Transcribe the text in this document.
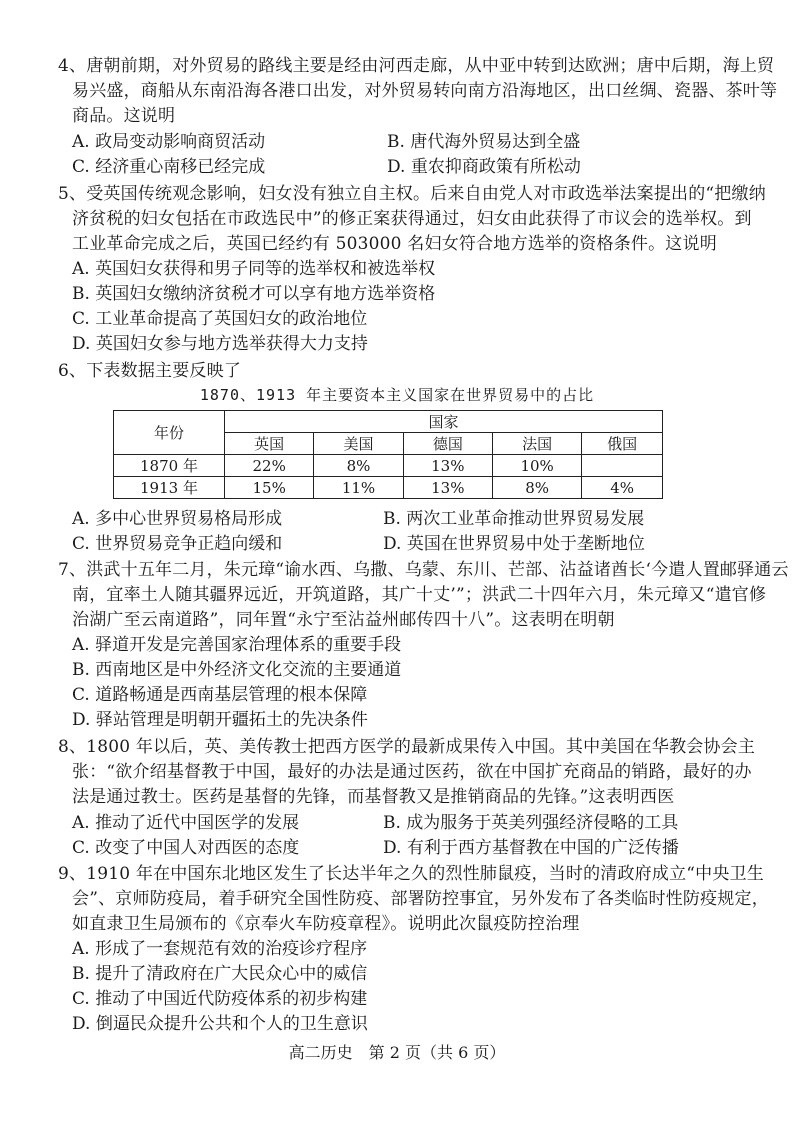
4、唐朝前期，对外贸易的路线主要是经由河西走廊，从中亚中转到达欧洲；唐中后期，海上贸
易兴盛，商船从东南沿海各港口出发，对外贸易转向南方沿海地区，出口丝绸、瓷器、茶叶等
商品。这说明
A. 政局变动影响商贸活动	B. 唐代海外贸易达到全盛
C. 经济重心南移已经完成	D. 重农抑商政策有所松动
5、受英国传统观念影响，妇女没有独立自主权。后来自由党人对市政选举法案提出的“把缴纳
济贫税的妇女包括在市政选民中”的修正案获得通过，妇女由此获得了市议会的选举权。到
工业革命完成之后，英国已经约有 503000 名妇女符合地方选举的资格条件。这说明
A. 英国妇女获得和男子同等的选举权和被选举权
B. 英国妇女缴纳济贫税才可以享有地方选举资格
C. 工业革命提高了英国妇女的政治地位
D. 英国妇女参与地方选举获得大力支持
6、下表数据主要反映了
1870、1913 年主要资本主义国家在世界贸易中的占比
年份	国家				
	英国	美国	德国	法国	俄国
1870 年	22%	8%	13%	10%	
1913 年	15%	11%	13%	8%	4%
A. 多中心世界贸易格局形成	B. 两次工业革命推动世界贸易发展
C. 世界贸易竞争正趋向缓和	D. 英国在世界贸易中处于垄断地位
7、洪武十五年二月，朱元璋“谕水西、乌撒、乌蒙、东川、芒部、沾益诸酋长‘今遣人置邮驿通云
南，宜率土人随其疆界远近，开筑道路，其广十丈’”；洪武二十四年六月，朱元璋又“遣官修
治湖广至云南道路”，同年置“永宁至沾益州邮传四十八”。这表明在明朝
A. 驿道开发是完善国家治理体系的重要手段
B. 西南地区是中外经济文化交流的主要通道
C. 道路畅通是西南基层管理的根本保障
D. 驿站管理是明朝开疆拓土的先决条件
8、1800 年以后，英、美传教士把西方医学的最新成果传入中国。其中美国在华教会协会主
张：“欲介绍基督教于中国，最好的办法是通过医药，欲在中国扩充商品的销路，最好的办
法是通过教士。医药是基督的先锋，而基督教又是推销商品的先锋。”这表明西医
A. 推动了近代中国医学的发展	B. 成为服务于英美列强经济侵略的工具
C. 改变了中国人对西医的态度	D. 有利于西方基督教在中国的广泛传播
9、1910 年在中国东北地区发生了长达半年之久的烈性肺鼠疫，当时的清政府成立“中央卫生
会”、京师防疫局，着手研究全国性防疫、部署防控事宜，另外发布了各类临时性防疫规定，
如直隶卫生局颁布的《京奉火车防疫章程》。说明此次鼠疫防控治理
A. 形成了一套规范有效的治疫诊疗程序
B. 提升了清政府在广大民众心中的威信
C. 推动了中国近代防疫体系的初步构建
D. 倒逼民众提升公共和个人的卫生意识
高二历史　第 2 页（共 6 页）
